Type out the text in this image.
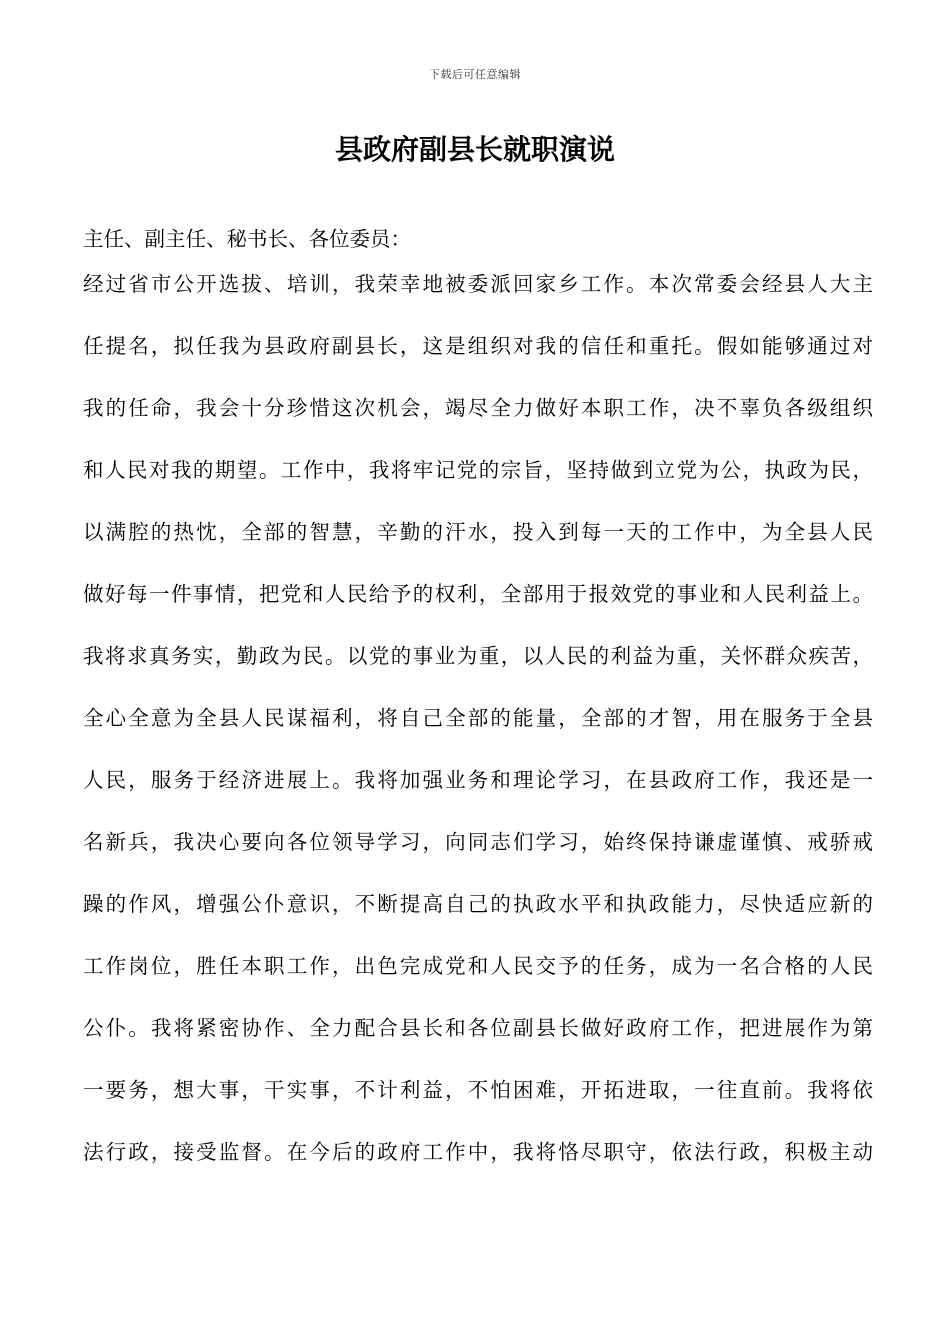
下载后可任意编辑
县政府副县长就职演说

主任、副主任、秘书长、各位委员：

经过省市公开选拔、培训，我荣幸地被委派回家乡工作。本次常委会经县人大主
任提名，拟任我为县政府副县长，这是组织对我的信任和重托。假如能够通过对
我的任命，我会十分珍惜这次机会，竭尽全力做好本职工作，决不辜负各级组织
和人民对我的期望。工作中，我将牢记党的宗旨，坚持做到立党为公，执政为民，
以满腔的热忱，全部的智慧，辛勤的汗水，投入到每一天的工作中，为全县人民
做好每一件事情，把党和人民给予的权利，全部用于报效党的事业和人民利益上。
我将求真务实，勤政为民。以党的事业为重，以人民的利益为重，关怀群众疾苦，
全心全意为全县人民谋福利，将自己全部的能量，全部的才智，用在服务于全县
人民，服务于经济进展上。我将加强业务和理论学习，在县政府工作，我还是一
名新兵，我决心要向各位领导学习，向同志们学习，始终保持谦虚谨慎、戒骄戒
躁的作风，增强公仆意识，不断提高自己的执政水平和执政能力，尽快适应新的
工作岗位，胜任本职工作，出色完成党和人民交予的任务，成为一名合格的人民
公仆。我将紧密协作、全力配合县长和各位副县长做好政府工作，把进展作为第
一要务，想大事，干实事，不计利益，不怕困难，开拓进取，一往直前。我将依
法行政，接受监督。在今后的政府工作中，我将恪尽职守，依法行政，积极主动
